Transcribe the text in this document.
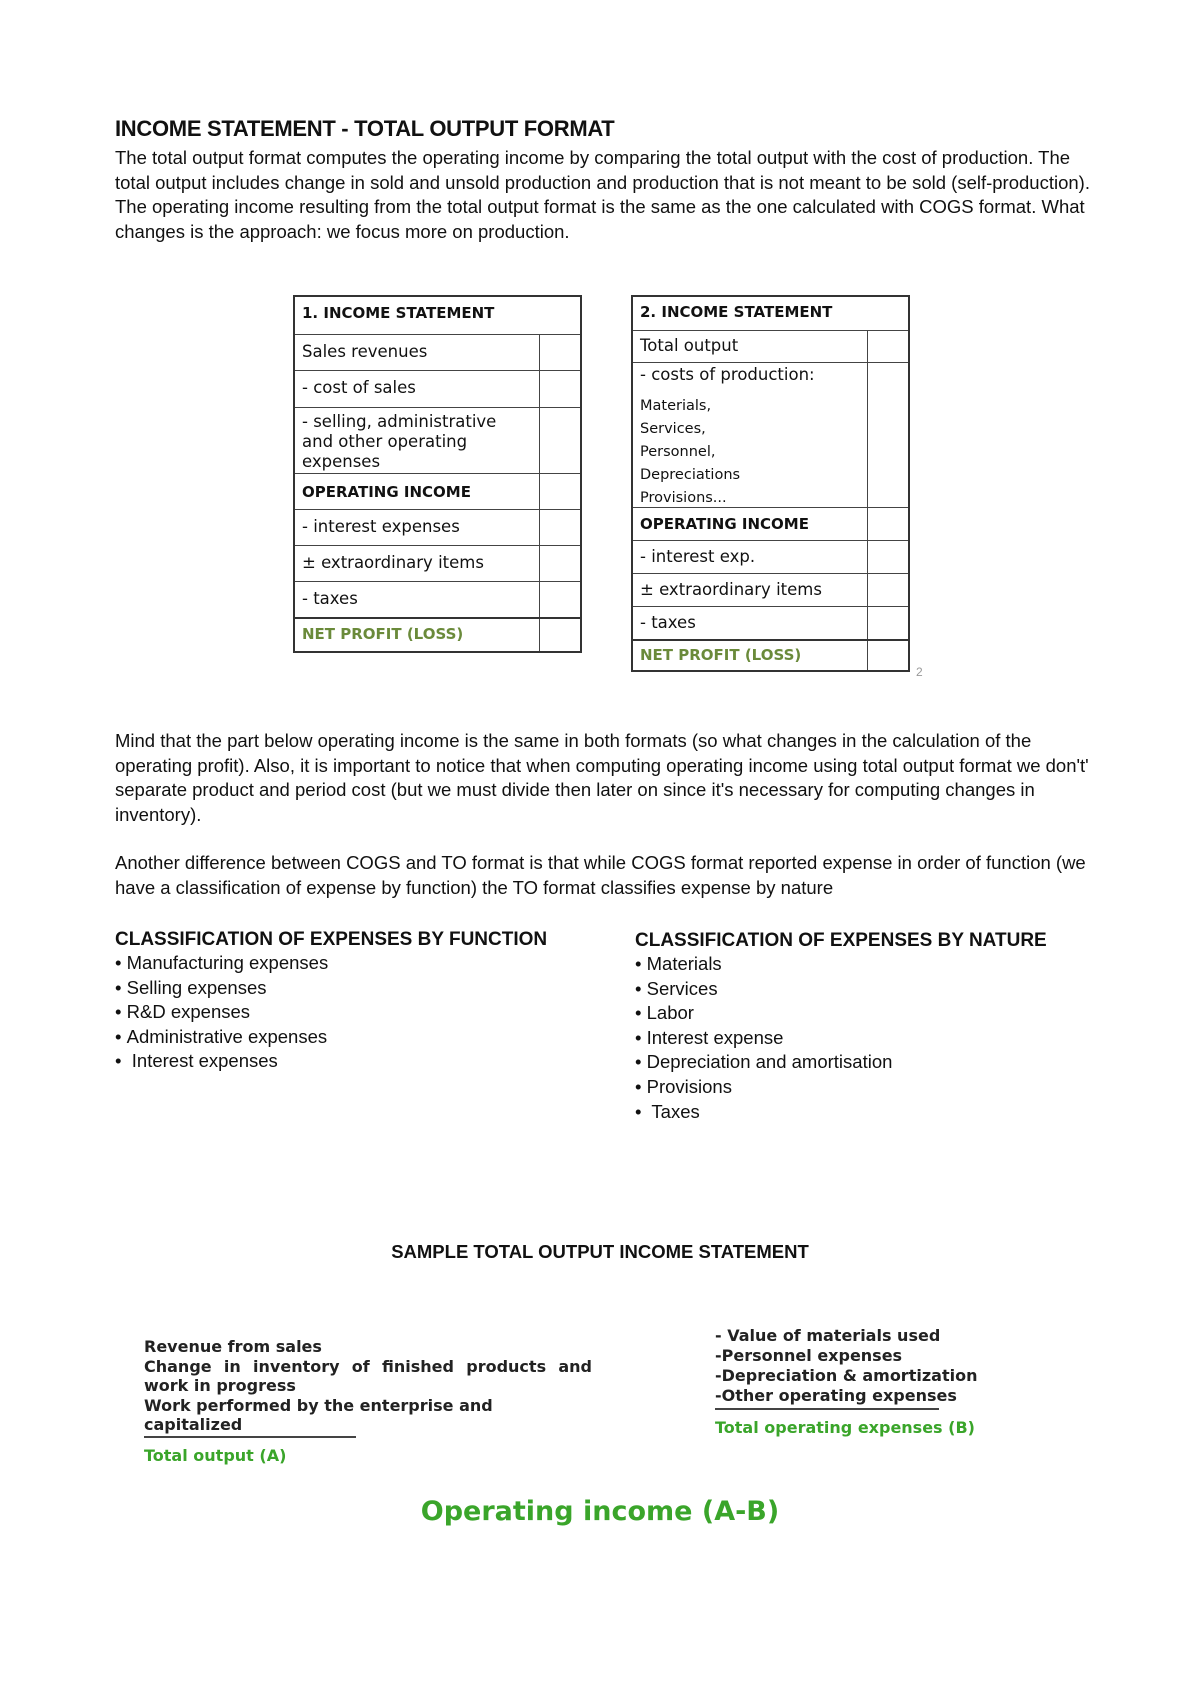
INCOME STATEMENT - TOTAL OUTPUT FORMAT
The total output format computes the operating income by comparing the total output with the cost of production. The total output includes change in sold and unsold production and production that is not meant to be sold (self-production). The operating income resulting from the total output format is the same as the one calculated with COGS format. What changes is the approach: we focus more on production.
1. INCOME STATEMENT
Sales revenues
- cost of sales
- selling, administrative and other operating expenses
OPERATING INCOME
- interest expenses
± extraordinary items
- taxes
NET PROFIT (LOSS)
2. INCOME STATEMENT
Total output
- costs of production:
Materials,
Services,
Personnel,
Depreciations
Provisions...
OPERATING INCOME
- interest exp.
± extraordinary items
- taxes
NET PROFIT (LOSS)
2
Mind that the part below operating income is the same in both formats (so what changes in the calculation of the operating profit). Also, it is important to notice that when computing operating income using total output format we don't' separate product and period cost (but we must divide then later on since it's necessary for computing changes in inventory).
Another difference between COGS and TO format is that while COGS format reported expense in order of function (we have a classification of expense by function) the TO format classifies expense by nature
CLASSIFICATION OF EXPENSES BY FUNCTION
• Manufacturing expenses
• Selling expenses
• R&D expenses
• Administrative expenses
•  Interest expenses
CLASSIFICATION OF EXPENSES BY NATURE
• Materials
• Services
• Labor
• Interest expense
• Depreciation and amortisation
• Provisions
•  Taxes
SAMPLE TOTAL OUTPUT INCOME STATEMENT
Revenue from sales
Change in inventory of finished products and
work in progress
Work performed by the enterprise and capitalized
Total output (A)
- Value of materials used
-Personnel expenses
-Depreciation & amortization
-Other operating expenses
Total operating expenses (B)
Operating income (A-B)
